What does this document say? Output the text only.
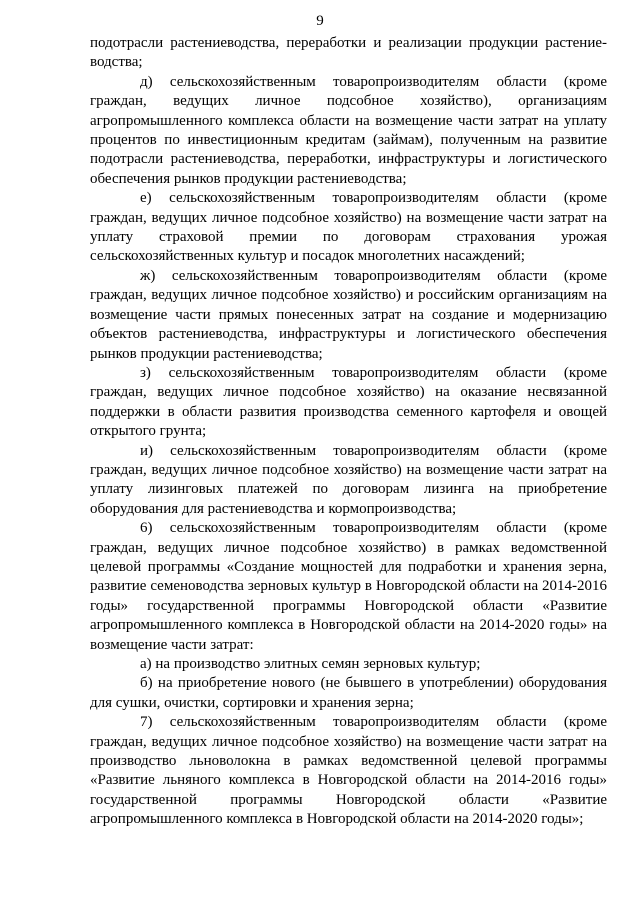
9

подотрасли растениеводства, переработки и реализации продукции растениеводства;

д) сельскохозяйственным товаропроизводителям области (кроме граждан, ведущих личное подсобное хозяйство), организациям агропромышленного комплекса области на возмещение части затрат на уплату процентов по инвестиционным кредитам (займам), полученным на развитие подотрасли растениеводства, переработки, инфраструктуры и логистического обеспечения рынков продукции растениеводства;

е) сельскохозяйственным товаропроизводителям области (кроме граждан, ведущих личное подсобное хозяйство) на возмещение части затрат на уплату страховой премии по договорам страхования урожая сельскохозяйственных культур и посадок многолетних насаждений;

ж) сельскохозяйственным товаропроизводителям области (кроме граждан, ведущих личное подсобное хозяйство) и российским организациям на возмещение части прямых понесенных затрат на создание и модернизацию объектов растениеводства, инфраструктуры и логистического обеспечения рынков продукции растениеводства;

з) сельскохозяйственным товаропроизводителям области (кроме граждан, ведущих личное подсобное хозяйство) на оказание несвязанной поддержки в области развития производства семенного картофеля и овощей открытого грунта;

и) сельскохозяйственным товаропроизводителям области (кроме граждан, ведущих личное подсобное хозяйство) на возмещение части затрат на уплату лизинговых платежей по договорам лизинга на приобретение оборудования для растениеводства и кормопроизводства;

6) сельскохозяйственным товаропроизводителям области (кроме граждан, ведущих личное подсобное хозяйство) в рамках ведомственной целевой программы «Создание мощностей для подработки и хранения зерна, развитие семеноводства зерновых культур в Новгородской области на 2014-2016 годы» государственной программы Новгородской области «Развитие агропромышленного комплекса в Новгородской области на 2014-2020 годы» на возмещение части затрат:

а) на производство элитных семян зерновых культур;

б) на приобретение нового (не бывшего в употреблении) оборудования для сушки, очистки, сортировки и хранения зерна;

7) сельскохозяйственным товаропроизводителям области (кроме граждан, ведущих личное подсобное хозяйство) на возмещение части затрат на производство льноволокна в рамках ведомственной целевой программы «Развитие льняного комплекса в Новгородской области на 2014-2016 годы» государственной программы Новгородской области «Развитие агропромышленного комплекса в Новгородской области на 2014-2020 годы»;
